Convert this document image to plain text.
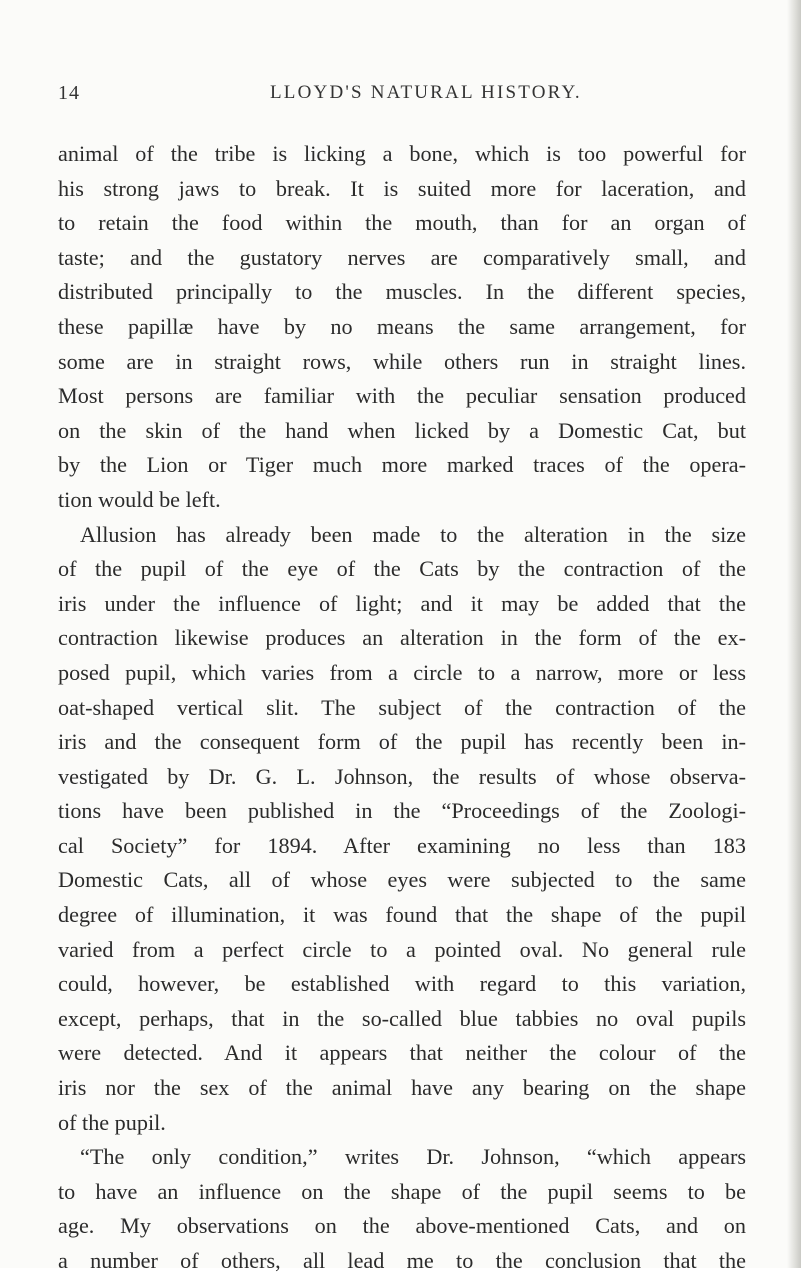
14	LLOYD'S NATURAL HISTORY.
animal of the tribe is licking a bone, which is too powerful for
his strong jaws to break. It is suited more for laceration, and
to retain the food within the mouth, than for an organ of
taste; and the gustatory nerves are comparatively small, and
distributed principally to the muscles. In the different species,
these papillæ have by no means the same arrangement, for
some are in straight rows, while others run in straight lines.
Most persons are familiar with the peculiar sensation produced
on the skin of the hand when licked by a Domestic Cat, but
by the Lion or Tiger much more marked traces of the opera-
tion would be left.
Allusion has already been made to the alteration in the size
of the pupil of the eye of the Cats by the contraction of the
iris under the influence of light; and it may be added that the
contraction likewise produces an alteration in the form of the ex-
posed pupil, which varies from a circle to a narrow, more or less
oat-shaped vertical slit. The subject of the contraction of the
iris and the consequent form of the pupil has recently been in-
vestigated by Dr. G. L. Johnson, the results of whose observa-
tions have been published in the “Proceedings of the Zoologi-
cal Society” for 1894. After examining no less than 183
Domestic Cats, all of whose eyes were subjected to the same
degree of illumination, it was found that the shape of the pupil
varied from a perfect circle to a pointed oval. No general rule
could, however, be established with regard to this variation,
except, perhaps, that in the so-called blue tabbies no oval pupils
were detected. And it appears that neither the colour of the
iris nor the sex of the animal have any bearing on the shape
of the pupil.
“The only condition,” writes Dr. Johnson, “which appears
to have an influence on the shape of the pupil seems to be
age. My observations on the above-mentioned Cats, and on
a number of others, all lead me to the conclusion that the
